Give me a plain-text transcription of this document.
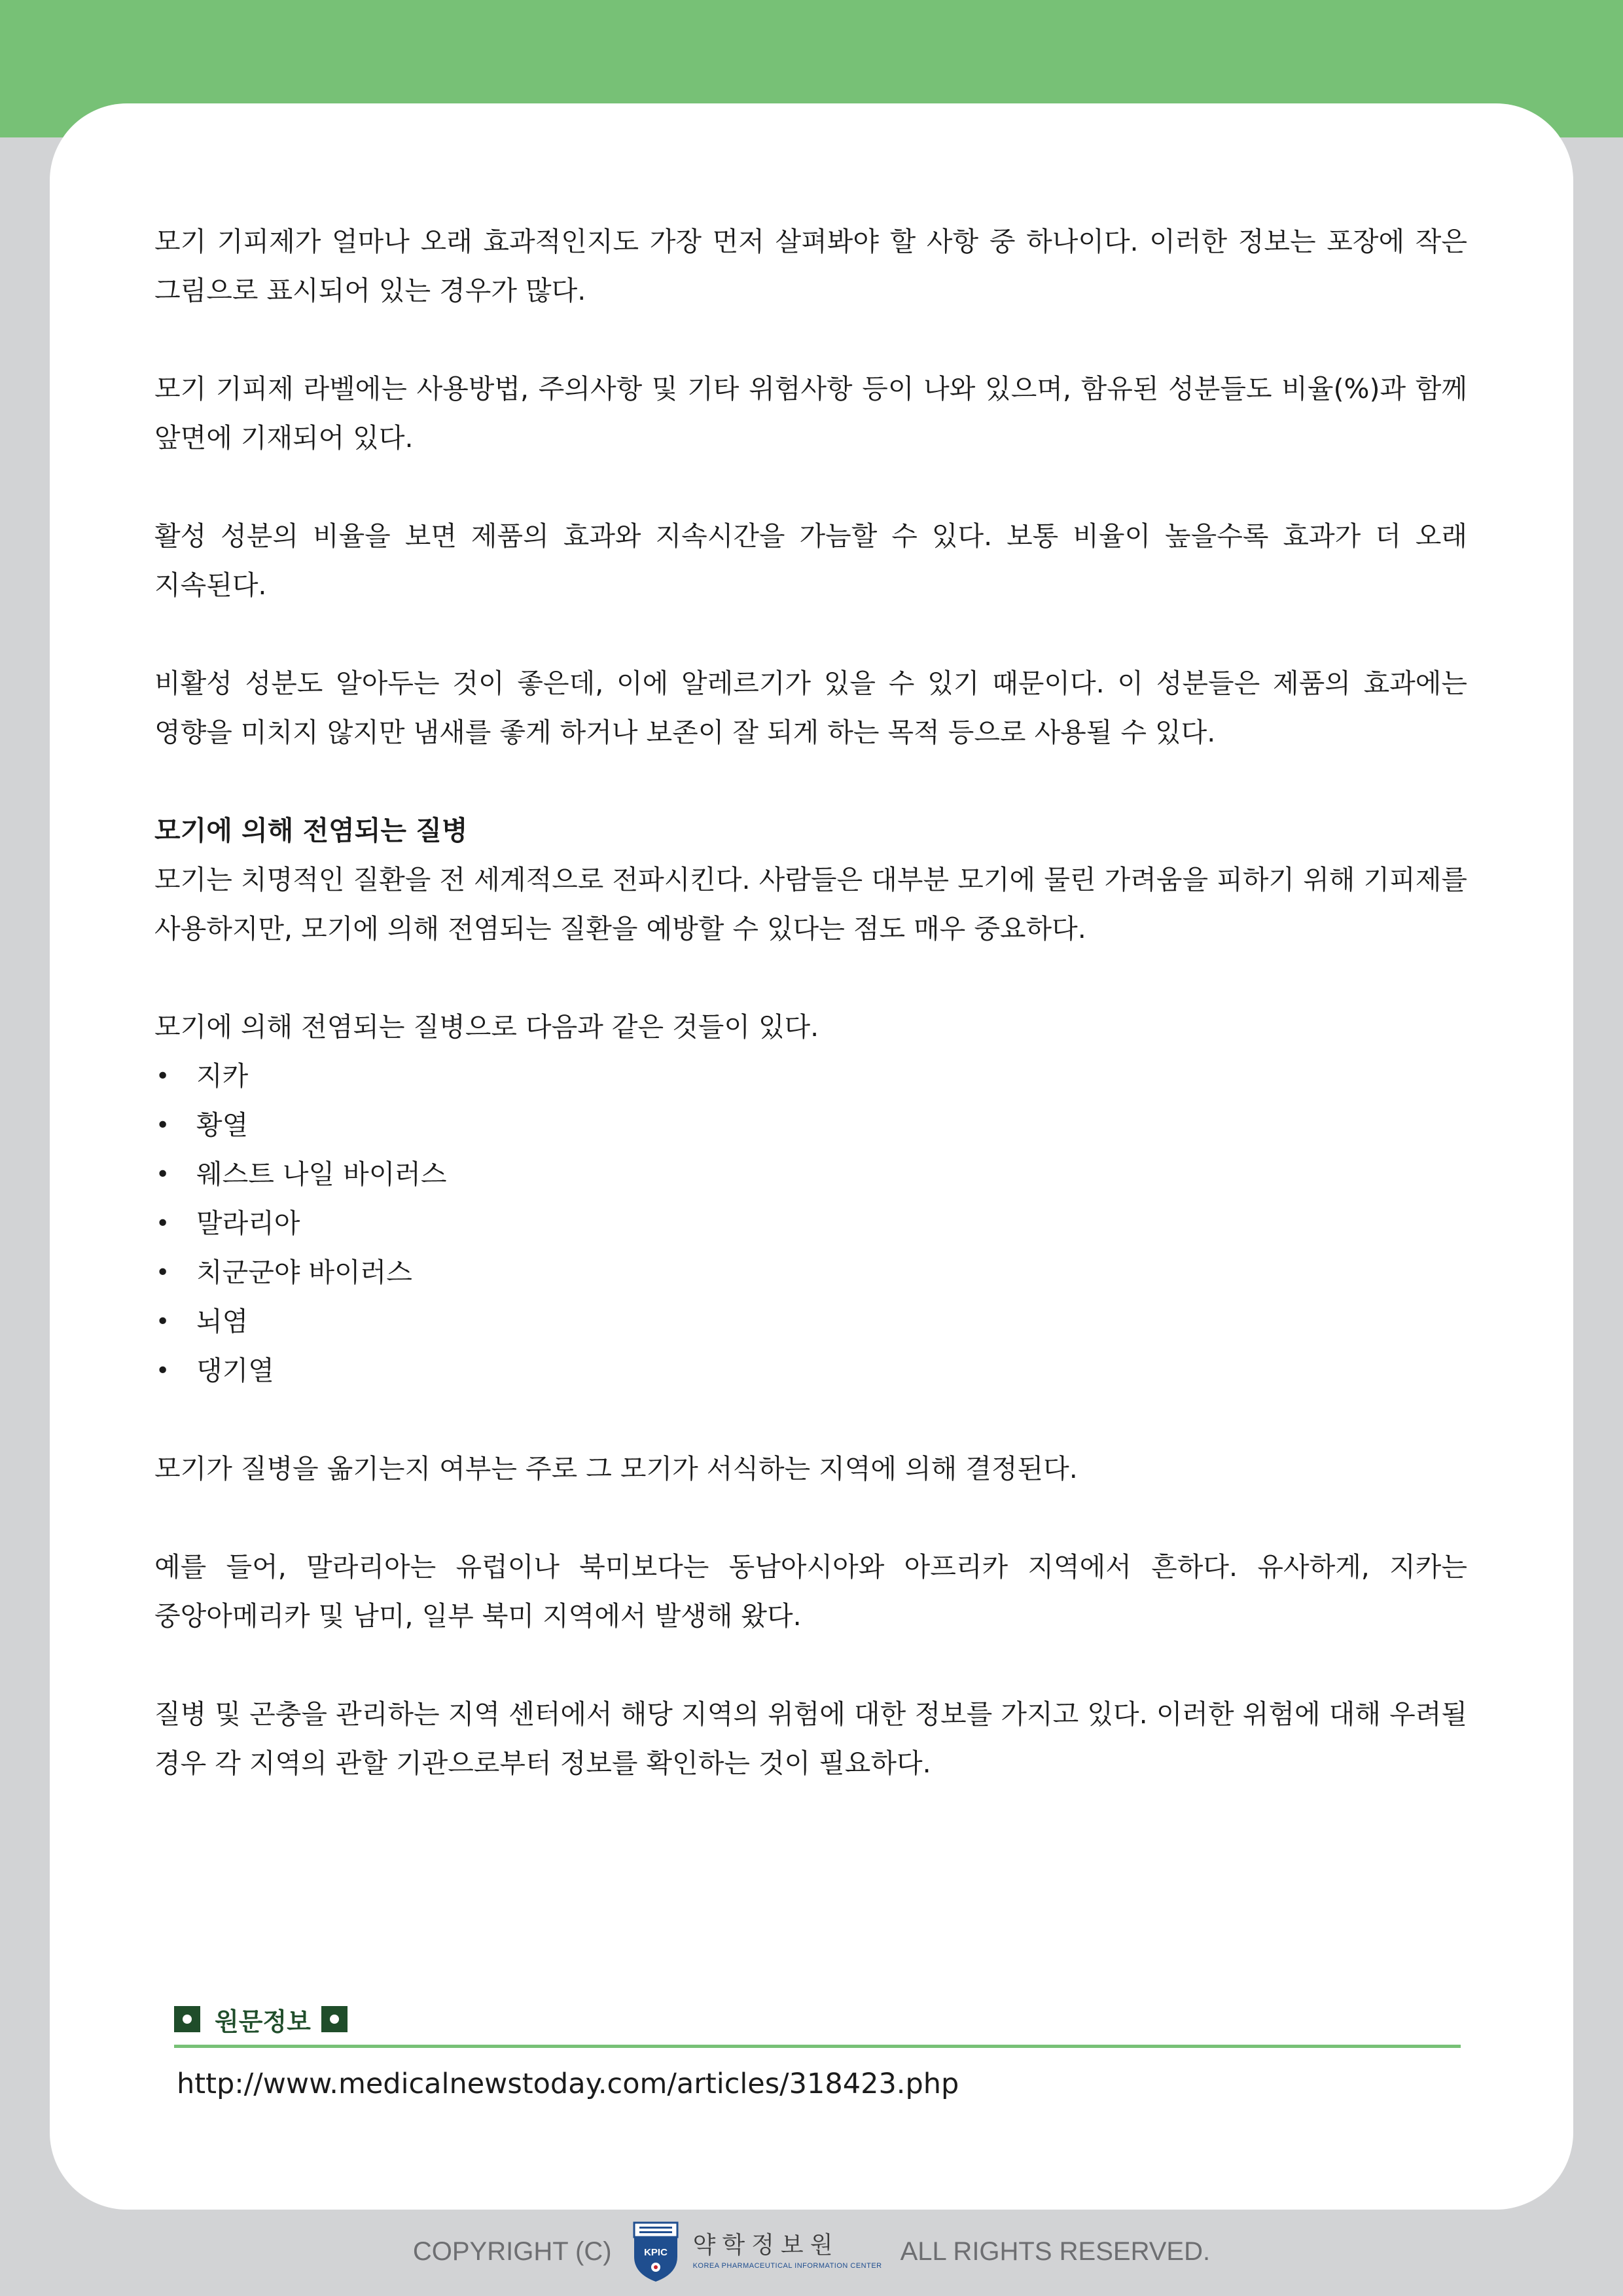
모기 기피제가 얼마나 오래 효과적인지도 가장 먼저 살펴봐야 할 사항 중 하나이다. 이러한 정보는 포장에 작은 그림으로 표시되어 있는 경우가 많다.

모기 기피제 라벨에는 사용방법, 주의사항 및 기타 위험사항 등이 나와 있으며, 함유된 성분들도 비율(%)과 함께 앞면에 기재되어 있다.

활성 성분의 비율을 보면 제품의 효과와 지속시간을 가늠할 수 있다. 보통 비율이 높을수록 효과가 더 오래 지속된다.

비활성 성분도 알아두는 것이 좋은데, 이에 알레르기가 있을 수 있기 때문이다. 이 성분들은 제품의 효과에는 영향을 미치지 않지만 냄새를 좋게 하거나 보존이 잘 되게 하는 목적 등으로 사용될 수 있다.

모기에 의해 전염되는 질병

모기는 치명적인 질환을 전 세계적으로 전파시킨다. 사람들은 대부분 모기에 물린 가려움을 피하기 위해 기피제를 사용하지만, 모기에 의해 전염되는 질환을 예방할 수 있다는 점도 매우 중요하다.

모기에 의해 전염되는 질병으로 다음과 같은 것들이 있다.

• 지카
• 황열
• 웨스트 나일 바이러스
• 말라리아
• 치군군야 바이러스
• 뇌염
• 댕기열

모기가 질병을 옮기는지 여부는 주로 그 모기가 서식하는 지역에 의해 결정된다.

예를 들어, 말라리아는 유럽이나 북미보다는 동남아시아와 아프리카 지역에서 흔하다. 유사하게, 지카는 중앙아메리카 및 남미, 일부 북미 지역에서 발생해 왔다.

질병 및 곤충을 관리하는 지역 센터에서 해당 지역의 위험에 대한 정보를 가지고 있다. 이러한 위험에 대해 우려될 경우 각 지역의 관할 기관으로부터 정보를 확인하는 것이 필요하다.

원문정보
http://www.medicalnewstoday.com/articles/318423.php
COPYRIGHT (C)	KPIC 약학정보원
KOREA PHARMACEUTICAL INFORMATION CENTER
ALL RIGHTS RESERVED.
